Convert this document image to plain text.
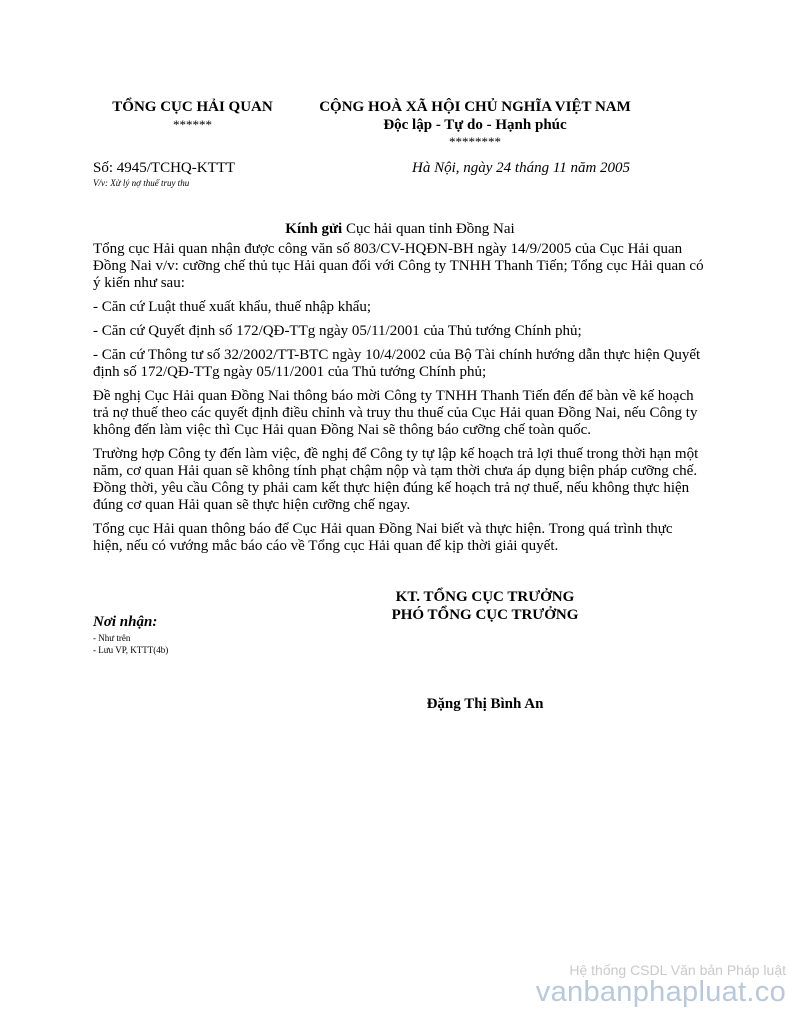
TỔNG CỤC HẢI QUAN
******
CỘNG HOÀ XÃ HỘI CHỦ NGHĨA VIỆT NAM
Độc lập - Tự do - Hạnh phúc
********
Số: 4945/TCHQ-KTTT
V/v: Xử lý nợ thuế truy thu
Hà Nội, ngày 24 tháng 11 năm 2005
Kính gửi Cục hải quan tỉnh Đồng Nai

Tổng cục Hải quan nhận được công văn số 803/CV-HQĐN-BH ngày 14/9/2005 của Cục Hải quan Đồng Nai v/v: cưỡng chế thủ tục Hải quan đối với Công ty TNHH Thanh Tiến; Tổng cục Hải quan có ý kiến như sau:

- Căn cứ Luật thuế xuất khẩu, thuế nhập khẩu;

- Căn cứ Quyết định số 172/QĐ-TTg ngày 05/11/2001 của Thủ tướng Chính phủ;

- Căn cứ Thông tư số 32/2002/TT-BTC ngày 10/4/2002 của Bộ Tài chính hướng dẫn thực hiện Quyết định số 172/QĐ-TTg ngày 05/11/2001 của Thủ tướng Chính phủ;

Đề nghị Cục Hải quan Đồng Nai thông báo mời Công ty TNHH Thanh Tiến đến để bàn về kế hoạch trả nợ thuế theo các quyết định điều chỉnh và truy thu thuế của Cục Hải quan Đồng Nai, nếu Công ty không đến làm việc thì Cục Hải quan Đồng Nai sẽ thông báo cưỡng chế toàn quốc.

Trường hợp Công ty đến làm việc, đề nghị để Công ty tự lập kế hoạch trả lợi thuế trong thời hạn một năm, cơ quan Hải quan sẽ không tính phạt chậm nộp và tạm thời chưa áp dụng biện pháp cưỡng chế. Đồng thời, yêu cầu Công ty phải cam kết thực hiện đúng kế hoạch trả nợ thuế, nếu không thực hiện đúng cơ quan Hải quan sẽ thực hiện cưỡng chế ngay.

Tổng cục Hải quan thông báo để Cục Hải quan Đồng Nai biết và thực hiện. Trong quá trình thực hiện, nếu có vướng mắc báo cáo về Tổng cục Hải quan để kịp thời giải quyết.

KT. TỔNG CỤC TRƯỞNG
PHÓ TỔNG CỤC TRƯỞNG
Nơi nhận:
- Như trên
- Lưu VP, KTTT(4b)
Đặng Thị Bình An
Hệ thống CSDL Văn bản Pháp luật
vanbanphapluat.co
